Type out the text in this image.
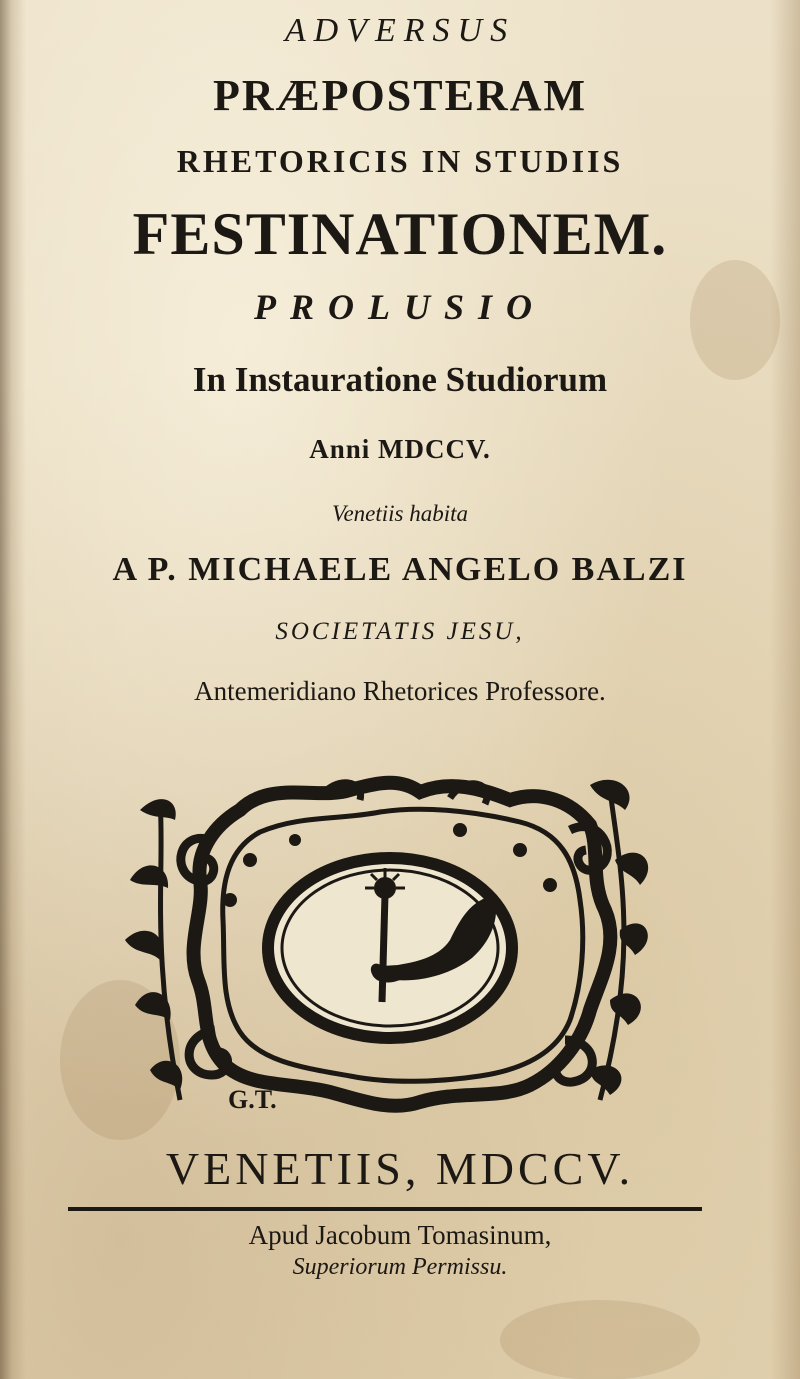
ADVERSUS
PRÆPOSTERAM
RHETORICIS IN STUDIIS
FESTINATIONEM.
PROLUSIO
In Instauratione Studiorum
Anni MDCCV.
Venetiis habita
A P. MICHAELE ANGELO BALZI
SOCIETATIS JESU,
Antemeridiano Rhetorices Professore.
G.T.
VENETIIS, MDCCV.
Apud Jacobum Tomasinum,
Superiorum Permissu.
